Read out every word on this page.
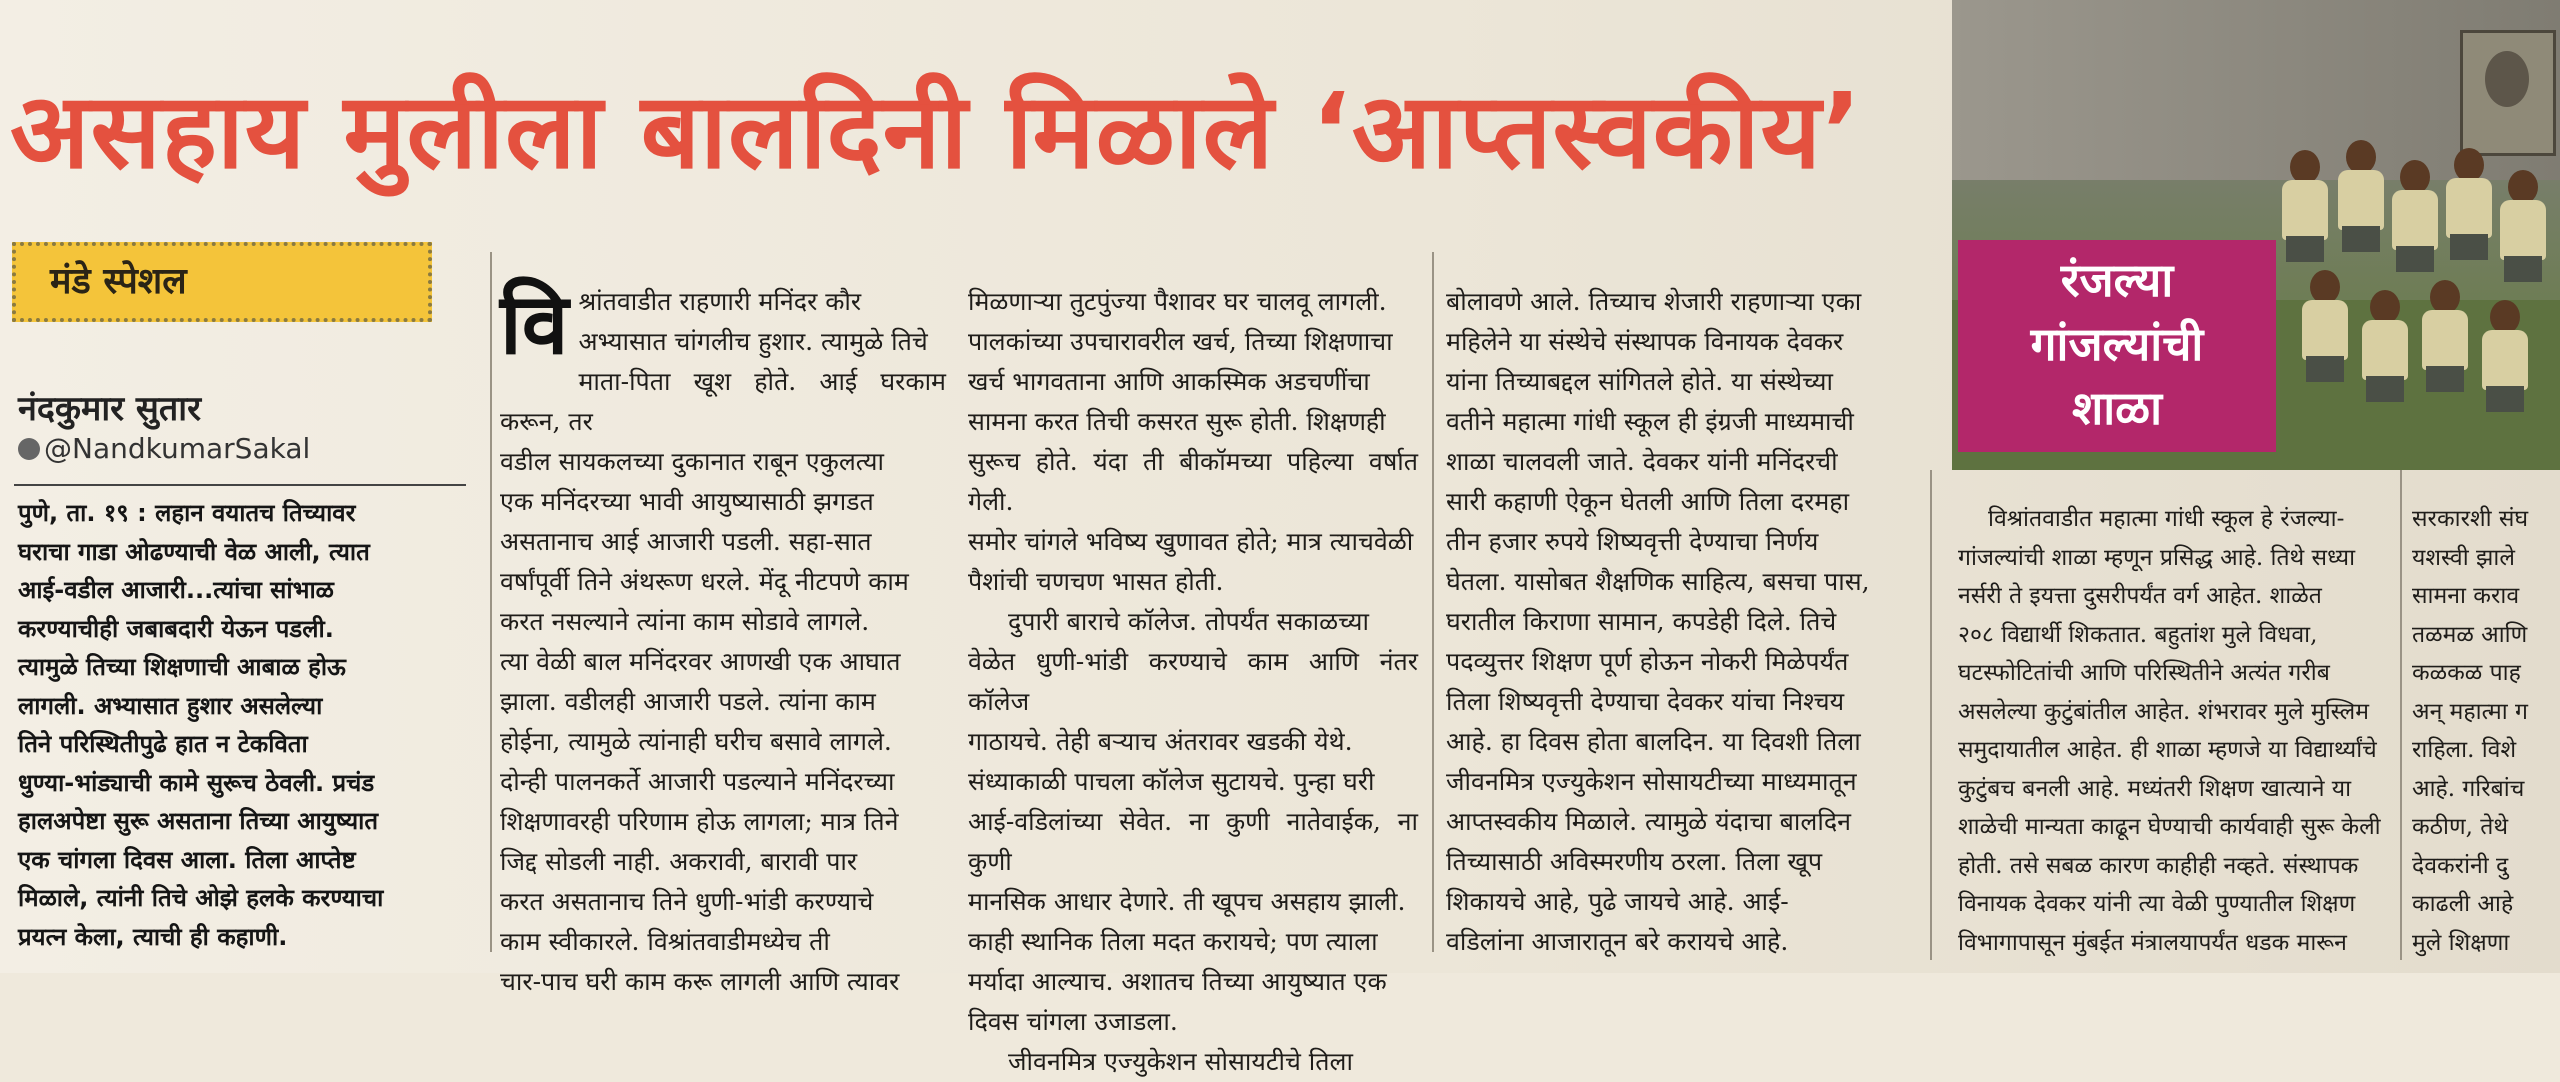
असहाय मुलीला बालदिनी मिळाले ‘आप्तस्वकीय’
रंजल्या
गांजल्यांची
शाळा
मंडे स्पेशल
नंदकुमार सुतार
@NandkumarSakal

पुणे, ता. १९ : लहान वयातच तिच्यावर

घराचा गाडा ओढण्याची वेळ आली, त्यात

आई-वडील आजारी...त्यांचा सांभाळ

करण्याचीही जबाबदारी येऊन पडली.

त्यामुळे तिच्या शिक्षणाची आबाळ होऊ

लागली. अभ्यासात हुशार असलेल्या

तिने परिस्थितीपुढे हात न टेकविता

धुण्या-भांड्याची कामे सुरूच ठेवली. प्रचंड

हालअपेष्टा सुरू असताना तिच्या आयुष्यात

एक चांगला दिवस आला. तिला आप्तेष्ट

मिळाले, त्यांनी तिचे ओझे हलके करण्याचा

प्रयत्न केला, त्याची ही कहाणी.

वि श्रांतवाडीत राहणारी मनिंदर कौर

अभ्यासात चांगलीच हुशार. त्यामुळे तिचे

माता-पिता खूश होते. आई घरकाम करून, तर

वडील सायकलच्या दुकानात राबून एकुलत्या

एक मनिंदरच्या भावी आयुष्यासाठी झगडत

असतानाच आई आजारी पडली. सहा-सात

वर्षांपूर्वी तिने अंथरूण धरले. मेंदू नीटपणे काम

करत नसल्याने त्यांना काम सोडावे लागले.

त्या वेळी बाल मनिंदरवर आणखी एक आघात

झाला. वडीलही आजारी पडले. त्यांना काम

होईना, त्यामुळे त्यांनाही घरीच बसावे लागले.

दोन्ही पालनकर्ते आजारी पडल्याने मनिंदरच्या

शिक्षणावरही परिणाम होऊ लागला; मात्र तिने

जिद्द सोडली नाही. अकरावी, बारावी पार

करत असतानाच तिने धुणी-भांडी करण्याचे

काम स्वीकारले. विश्रांतवाडीमध्येच ती

चार-पाच घरी काम करू लागली आणि त्यावर

मिळणाऱ्या तुटपुंज्या पैशावर घर चालवू लागली.

पालकांच्या उपचारावरील खर्च, तिच्या शिक्षणाचा

खर्च भागवताना आणि आकस्मिक अडचणींचा

सामना करत तिची कसरत सुरू होती. शिक्षणही

सुरूच होते. यंदा ती बीकॉमच्या पहिल्या वर्षात गेली.

समोर चांगले भविष्य खुणावत होते; मात्र त्याचवेळी

पैशांची चणचण भासत होती.

दुपारी बाराचे कॉलेज. तोपर्यंत सकाळच्या

वेळेत धुणी-भांडी करण्याचे काम आणि नंतर कॉलेज

गाठायचे. तेही बऱ्याच अंतरावर खडकी येथे.

संध्याकाळी पाचला कॉलेज सुटायचे. पुन्हा घरी

आई-वडिलांच्या सेवेत. ना कुणी नातेवाईक, ना कुणी

मानसिक आधार देणारे. ती खूपच असहाय झाली.

काही स्थानिक तिला मदत करायचे; पण त्याला

मर्यादा आल्याच. अशातच तिच्या आयुष्यात एक

दिवस चांगला उजाडला.

जीवनमित्र एज्युकेशन सोसायटीचे तिला

बोलावणे आले. तिच्याच शेजारी राहणाऱ्या एका

महिलेने या संस्थेचे संस्थापक विनायक देवकर

यांना तिच्याबद्दल सांगितले होते. या संस्थेच्या

वतीने महात्मा गांधी स्कूल ही इंग्रजी माध्यमाची

शाळा चालवली जाते. देवकर यांनी मनिंदरची

सारी कहाणी ऐकून घेतली आणि तिला दरमहा

तीन हजार रुपये शिष्यवृत्ती देण्याचा निर्णय

घेतला. यासोबत शैक्षणिक साहित्य, बसचा पास,

घरातील किराणा सामान, कपडेही दिले. तिचे

पदव्युत्तर शिक्षण पूर्ण होऊन नोकरी मिळेपर्यंत

तिला शिष्यवृत्ती देण्याचा देवकर यांचा निश्चय

आहे. हा दिवस होता बालदिन. या दिवशी तिला

जीवनमित्र एज्युकेशन सोसायटीच्या माध्यमातून

आप्तस्वकीय मिळाले. त्यामुळे यंदाचा बालदिन

तिच्यासाठी अविस्मरणीय ठरला. तिला खूप

शिकायचे आहे, पुढे जायचे आहे. आई-

वडिलांना आजारातून बरे करायचे आहे.

विश्रांतवाडीत महात्मा गांधी स्कूल हे रंजल्या-

गांजल्यांची शाळा म्हणून प्रसिद्ध आहे. तिथे सध्या

नर्सरी ते इयत्ता दुसरीपर्यंत वर्ग आहेत. शाळेत

२०८ विद्यार्थी शिकतात. बहुतांश मुले विधवा,

घटस्फोटितांची आणि परिस्थितीने अत्यंत गरीब

असलेल्या कुटुंबांतील आहेत. शंभरावर मुले मुस्लिम

समुदायातील आहेत. ही शाळा म्हणजे या विद्यार्थ्यांचे

कुटुंबच बनली आहे. मध्यंतरी शिक्षण खात्याने या

शाळेची मान्यता काढून घेण्याची कार्यवाही सुरू केली

होती. तसे सबळ कारण काहीही नव्हते. संस्थापक

विनायक देवकर यांनी त्या वेळी पुण्यातील शिक्षण

विभागापासून मुंबईत मंत्रालयापर्यंत धडक मारून

सरकारशी संघ

यशस्वी झाले

सामना कराव

तळमळ आणि

कळकळ पाह

अन् महात्मा ग

राहिला. विशे

आहे. गरिबांच

कठीण, तेथे

देवकरांनी दु

काढली आहे

मुले शिक्षणा
